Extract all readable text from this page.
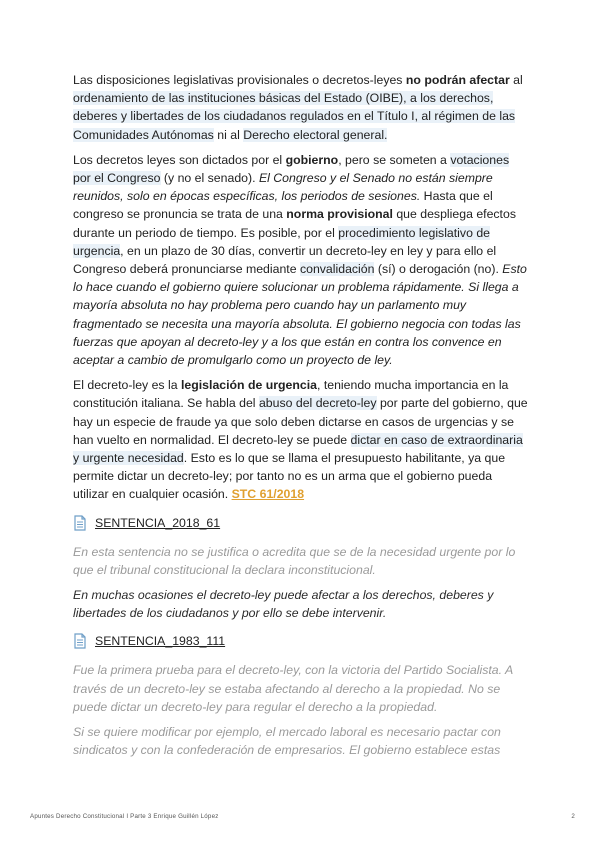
Las disposiciones legislativas provisionales o decretos-leyes no podrán afectar al ordenamiento de las instituciones básicas del Estado (OIBE), a los derechos, deberes y libertades de los ciudadanos regulados en el Título I, al régimen de las Comunidades Autónomas ni al Derecho electoral general.

Los decretos leyes son dictados por el gobierno, pero se someten a votaciones por el Congreso (y no el senado). El Congreso y el Senado no están siempre reunidos, solo en épocas específicas, los periodos de sesiones. Hasta que el congreso se pronuncia se trata de una norma provisional que despliega efectos durante un periodo de tiempo. Es posible, por el procedimiento legislativo de urgencia, en un plazo de 30 días, convertir un decreto-ley en ley y para ello el Congreso deberá pronunciarse mediante convalidación (sí) o derogación (no). Esto lo hace cuando el gobierno quiere solucionar un problema rápidamente. Si llega a mayoría absoluta no hay problema pero cuando hay un parlamento muy fragmentado se necesita una mayoría absoluta. El gobierno negocia con todas las fuerzas que apoyan al decreto-ley y a los que están en contra los convence en aceptar a cambio de promulgarlo como un proyecto de ley.

El decreto-ley es la legislación de urgencia, teniendo mucha importancia en la constitución italiana. Se habla del abuso del decreto-ley por parte del gobierno, que hay un especie de fraude ya que solo deben dictarse en casos de urgencias y se han vuelto en normalidad. El decreto-ley se puede dictar en caso de extraordinaria y urgente necesidad. Esto es lo que se llama el presupuesto habilitante, ya que permite dictar un decreto-ley; por tanto no es un arma que el gobierno pueda utilizar en cualquier ocasión. STC 61/2018

SENTENCIA_2018_61

En esta sentencia no se justifica o acredita que se de la necesidad urgente por lo que el tribunal constitucional la declara inconstitucional.

En muchas ocasiones el decreto-ley puede afectar a los derechos, deberes y libertades de los ciudadanos y por ello se debe intervenir.

SENTENCIA_1983_111

Fue la primera prueba para el decreto-ley, con la victoria del Partido Socialista. A través de un decreto-ley se estaba afectando al derecho a la propiedad. No se puede dictar un decreto-ley para regular el derecho a la propiedad.

Si se quiere modificar por ejemplo, el mercado laboral es necesario pactar con sindicatos y con la confederación de empresarios. El gobierno establece estas

Apuntes Derecho Constitucional I Parte 3 Enrique Guillén López	2
